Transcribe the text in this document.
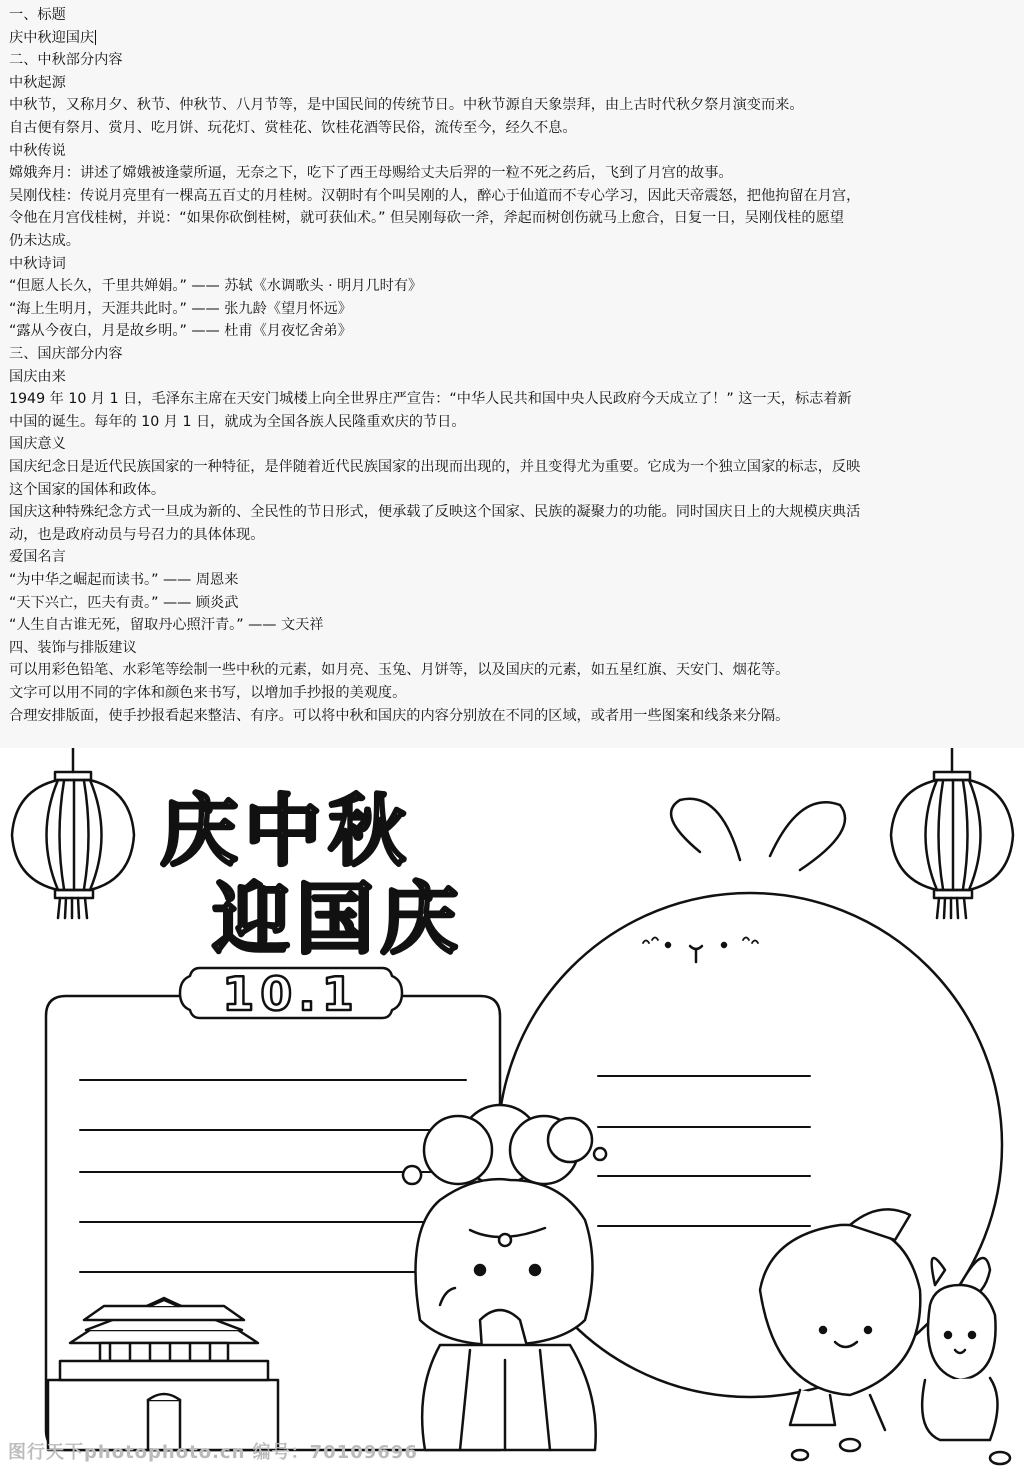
一、标题
庆中秋迎国庆
二、中秋部分内容
中秋起源
中秋节，又称月夕、秋节、仲秋节、八月节等，是中国民间的传统节日。中秋节源自天象崇拜，由上古时代秋夕祭月演变而来。
自古便有祭月、赏月、吃月饼、玩花灯、赏桂花、饮桂花酒等民俗，流传至今，经久不息。
中秋传说
嫦娥奔月：讲述了嫦娥被逢蒙所逼，无奈之下，吃下了西王母赐给丈夫后羿的一粒不死之药后，飞到了月宫的故事。
吴刚伐桂：传说月亮里有一棵高五百丈的月桂树。汉朝时有个叫吴刚的人，醉心于仙道而不专心学习，因此天帝震怒，把他拘留在月宫，
令他在月宫伐桂树，并说：“如果你砍倒桂树，就可获仙术。” 但吴刚每砍一斧，斧起而树创伤就马上愈合，日复一日，吴刚伐桂的愿望
仍未达成。
中秋诗词
“但愿人长久，千里共婵娟。” —— 苏轼《水调歌头 · 明月几时有》
“海上生明月，天涯共此时。” —— 张九龄《望月怀远》
“露从今夜白，月是故乡明。” —— 杜甫《月夜忆舍弟》
三、国庆部分内容
国庆由来
1949 年 10 月 1 日，毛泽东主席在天安门城楼上向全世界庄严宣告：“中华人民共和国中央人民政府今天成立了！” 这一天，标志着新
中国的诞生。每年的 10 月 1 日，就成为全国各族人民隆重欢庆的节日。
国庆意义
国庆纪念日是近代民族国家的一种特征，是伴随着近代民族国家的出现而出现的，并且变得尤为重要。它成为一个独立国家的标志，反映
这个国家的国体和政体。
国庆这种特殊纪念方式一旦成为新的、全民性的节日形式，便承载了反映这个国家、民族的凝聚力的功能。同时国庆日上的大规模庆典活
动，也是政府动员与号召力的具体体现。
爱国名言
“为中华之崛起而读书。” —— 周恩来
“天下兴亡，匹夫有责。” —— 顾炎武
“人生自古谁无死，留取丹心照汗青。” —— 文天祥
四、装饰与排版建议
可以用彩色铅笔、水彩笔等绘制一些中秋的元素，如月亮、玉兔、月饼等，以及国庆的元素，如五星红旗、天安门、烟花等。
文字可以用不同的字体和颜色来书写，以增加手抄报的美观度。
合理安排版面，使手抄报看起来整洁、有序。可以将中秋和国庆的内容分别放在不同的区域，或者用一些图案和线条来分隔。
10.1
庆中秋
迎国庆
图行天下photophoto.cn 编号：70109696
